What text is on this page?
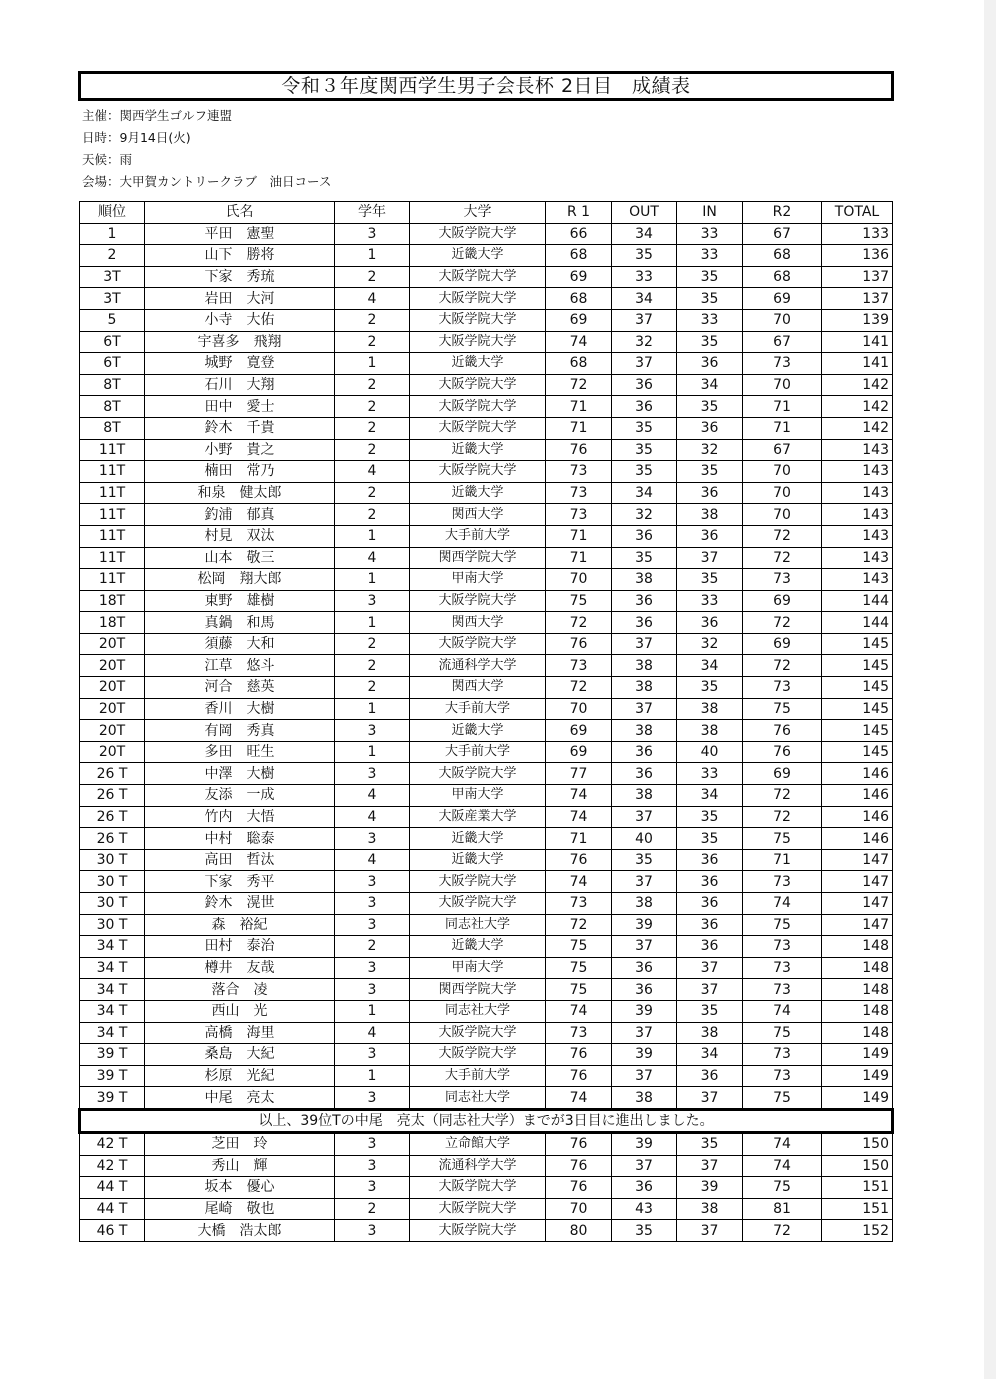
令和３年度関西学生男子会長杯 2日目　成績表
主催：関西学生ゴルフ連盟
日時：9月14日(火)
天候：雨
会場：大甲賀カントリークラブ　油日コース
順位	氏名	学年	大学	R 1	OUT	IN	R2	TOTAL
1	平田　憲聖	3	大阪学院大学	66	34	33	67	133
2	山下　勝将	1	近畿大学	68	35	33	68	136
3T	下家　秀琉	2	大阪学院大学	69	33	35	68	137
3T	岩田　大河	4	大阪学院大学	68	34	35	69	137
5	小寺　大佑	2	大阪学院大学	69	37	33	70	139
6T	宇喜多　飛翔	2	大阪学院大学	74	32	35	67	141
6T	城野　寛登	1	近畿大学	68	37	36	73	141
8T	石川　大翔	2	大阪学院大学	72	36	34	70	142
8T	田中　愛士	2	大阪学院大学	71	36	35	71	142
8T	鈴木　千貴	2	大阪学院大学	71	35	36	71	142
11T	小野　貴之	2	近畿大学	76	35	32	67	143
11T	楠田　常乃	4	大阪学院大学	73	35	35	70	143
11T	和泉　健太郎	2	近畿大学	73	34	36	70	143
11T	釣浦　郁真	2	関西大学	73	32	38	70	143
11T	村見　双汰	1	大手前大学	71	36	36	72	143
11T	山本　敬三	4	関西学院大学	71	35	37	72	143
11T	松岡　翔大郎	1	甲南大学	70	38	35	73	143
18T	東野　雄樹	3	大阪学院大学	75	36	33	69	144
18T	真鍋　和馬	1	関西大学	72	36	36	72	144
20T	須藤　大和	2	大阪学院大学	76	37	32	69	145
20T	江草　悠斗	2	流通科学大学	73	38	34	72	145
20T	河合　慈英	2	関西大学	72	38	35	73	145
20T	香川　大樹	1	大手前大学	70	37	38	75	145
20T	有岡　秀真	3	近畿大学	69	38	38	76	145
20T	多田　旺生	1	大手前大学	69	36	40	76	145
26 T	中澤　大樹	3	大阪学院大学	77	36	33	69	146
26 T	友添　一成	4	甲南大学	74	38	34	72	146
26 T	竹内　大悟	4	大阪産業大学	74	37	35	72	146
26 T	中村　聡泰	3	近畿大学	71	40	35	75	146
30 T	高田　哲汰	4	近畿大学	76	35	36	71	147
30 T	下家　秀平	3	大阪学院大学	74	37	36	73	147
30 T	鈴木　滉世	3	大阪学院大学	73	38	36	74	147
30 T	森　裕紀	3	同志社大学	72	39	36	75	147
34 T	田村　泰治	2	近畿大学	75	37	36	73	148
34 T	樽井　友哉	3	甲南大学	75	36	37	73	148
34 T	落合　凌	3	関西学院大学	75	36	37	73	148
34 T	西山　光	1	同志社大学	74	39	35	74	148
34 T	高橋　海里	4	大阪学院大学	73	37	38	75	148
39 T	桑島　大紀	3	大阪学院大学	76	39	34	73	149
39 T	杉原　光紀	1	大手前大学	76	37	36	73	149
39 T	中尾　亮太	3	同志社大学	74	38	37	75	149
以上、39位Tの中尾　亮太（同志社大学）までが3日目に進出しました。								
42 T	芝田　玲	3	立命館大学	76	39	35	74	150
42 T	秀山　輝	3	流通科学大学	76	37	37	74	150
44 T	坂本　優心	3	大阪学院大学	76	36	39	75	151
44 T	尾崎　敬也	2	大阪学院大学	70	43	38	81	151
46 T	大橋　浩太郎	3	大阪学院大学	80	35	37	72	152
